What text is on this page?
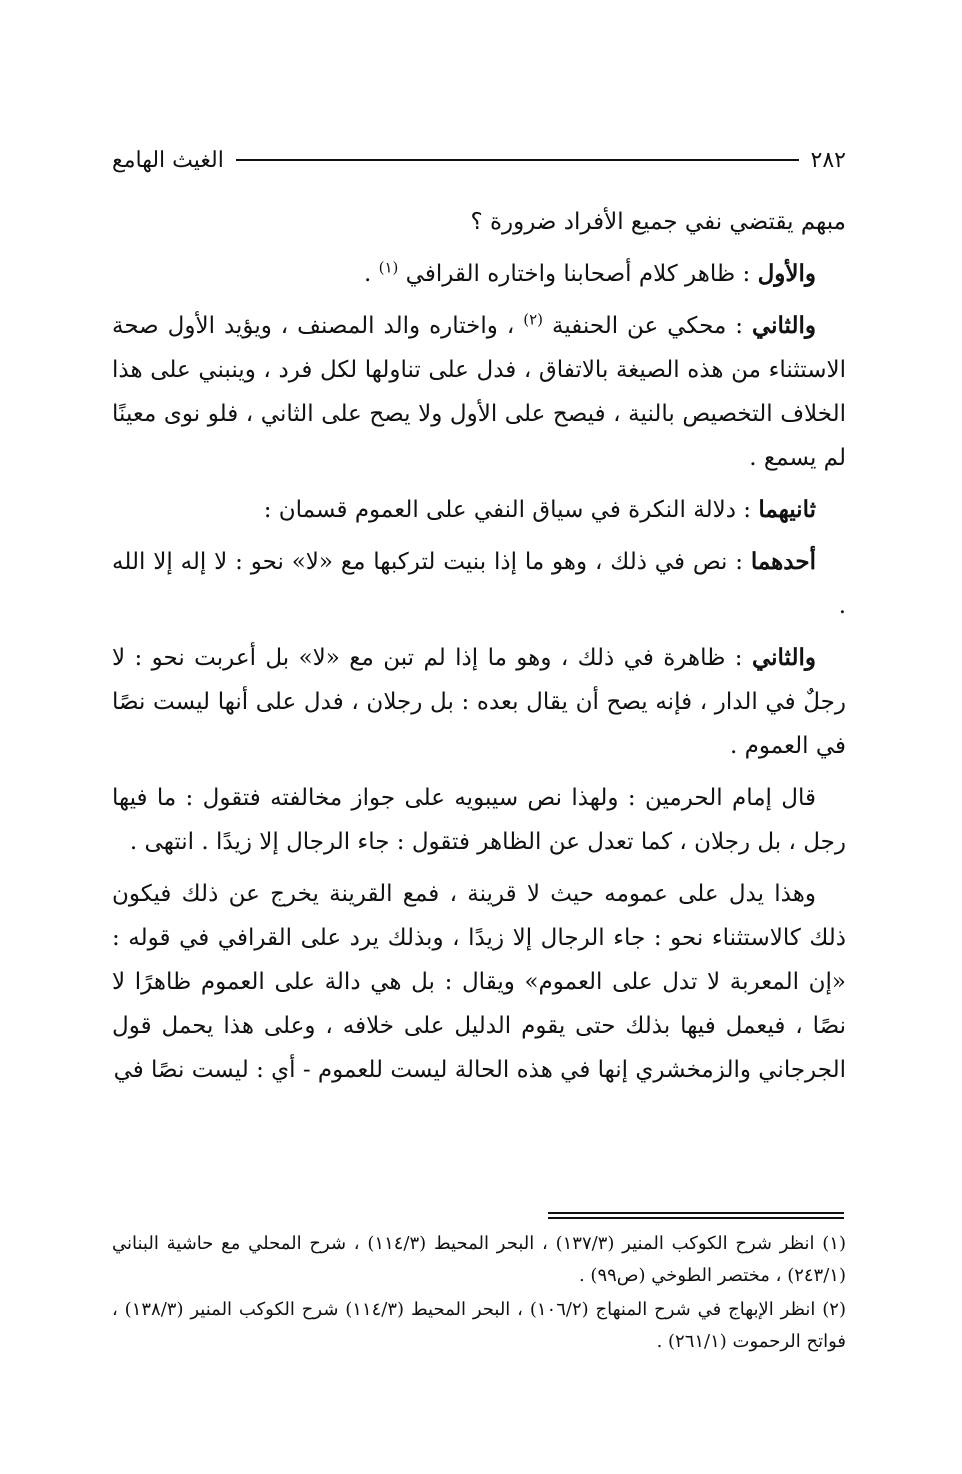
٢٨٢
الغيث الهامع

مبهم يقتضي نفي جميع الأفراد ضرورة ؟

والأول : ظاهر كلام أصحابنا واختاره القرافي $^{(١)}$ .

والثاني : محكي عن الحنفية $^{(٢)}$ ، واختاره والد المصنف ، ويؤيد الأول صحة الاستثناء من هذه الصيغة بالاتفاق ، فدل على تناولها لكل فرد ، وينبني على هذا الخلاف التخصيص بالنية ، فيصح على الأول ولا يصح على الثاني ، فلو نوى معينًا لم يسمع .

ثانيهما : دلالة النكرة في سياق النفي على العموم قسمان :

أحدهما : نص في ذلك ، وهو ما إذا بنيت لتركبها مع «لا» نحو : لا إله إلا الله .

والثاني : ظاهرة في ذلك ، وهو ما إذا لم تبن مع «لا» بل أعربت نحو : لا رجلٌ في الدار ، فإنه يصح أن يقال بعده : بل رجلان ، فدل على أنها ليست نصًا في العموم .

قال إمام الحرمين : ولهذا نص سيبويه على جواز مخالفته فتقول : ما فيها رجل ، بل رجلان ، كما تعدل عن الظاهر فتقول : جاء الرجال إلا زيدًا . انتهى .

وهذا يدل على عمومه حيث لا قرينة ، فمع القرينة يخرج عن ذلك فيكون ذلك كالاستثناء نحو : جاء الرجال إلا زيدًا ، وبذلك يرد على القرافي في قوله : «إن المعربة لا تدل على العموم» ويقال : بل هي دالة على العموم ظاهرًا لا نصًا ، فيعمل فيها بذلك حتى يقوم الدليل على خلافه ، وعلى هذا يحمل قول الجرجاني والزمخشري إنها في هذه الحالة ليست للعموم - أي : ليست نصًا في

(١) انظر شرح الكوكب المنير (١٣٧/٣) ، البحر المحيط (١١٤/٣) ، شرح المحلي مع حاشية البناني (٢٤٣/١) ، مختصر الطوخي (ص٩٩) .

(٢) انظر الإبهاج في شرح المنهاج (١٠٦/٢) ، البحر المحيط (١١٤/٣) شرح الكوكب المنير (١٣٨/٣) ، فواتح الرحموت (٢٦١/١) .
